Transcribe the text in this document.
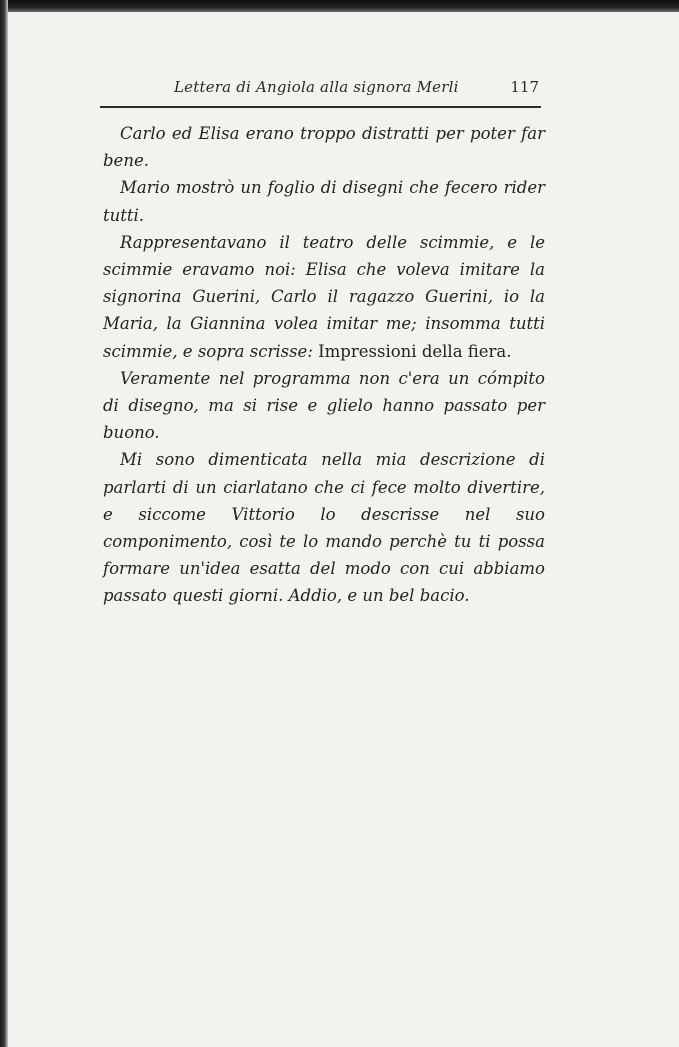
Lettera di Angiola alla signora Merli	117

Carlo ed Elisa erano troppo distratti per poter far bene.

Mario mostrò un foglio di disegni che fecero rider tutti.

Rappresentavano il teatro delle scimmie, e le scimmie eravamo noi: Elisa che voleva imitare la signorina Guerini, Carlo il ragazzo Guerini, io la Maria, la Giannina volea imitar me; insomma tutti scimmie, e sopra scrisse: Impressioni della fiera.

Veramente nel programma non c'era un cómpito di disegno, ma si rise e glielo hanno passato per buono.

Mi sono dimenticata nella mia descrizione di parlarti di un ciarlatano che ci fece molto divertire, e siccome Vittorio lo descrisse nel suo componimento, così te lo mando perchè tu ti possa formare un'idea esatta del modo con cui abbiamo passato questi giorni. Addio, e un bel bacio.
